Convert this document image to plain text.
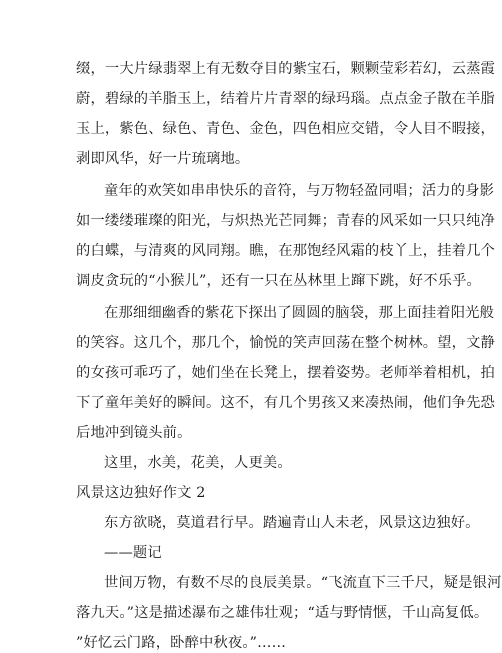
缀，一大片绿翡翠上有无数夺目的紫宝石，颗颗莹彩若幻，云蒸霞
蔚，碧绿的羊脂玉上，结着片片青翠的绿玛瑙。点点金子散在羊脂
玉上，紫色、绿色、青色、金色，四色相应交错，令人目不暇接，
剥即风华，好一片琉璃地。
童年的欢笑如串串快乐的音符，与万物轻盈同唱；活力的身影
如一缕缕璀璨的阳光，与炽热光芒同舞；青春的风采如一只只纯净
的白蝶，与清爽的风同翔。瞧，在那饱经风霜的枝丫上，挂着几个
调皮贪玩的“小猴儿”，还有一只在丛林里上蹿下跳，好不乐乎。
在那细细幽香的紫花下探出了圆圆的脑袋，那上面挂着阳光般
的笑容。这几个，那几个，愉悦的笑声回荡在整个树林。望，文静
的女孩可乖巧了，她们坐在长凳上，摆着姿势。老师举着相机，拍
下了童年美好的瞬间。这不，有几个男孩又来凑热闹，他们争先恐
后地冲到镜头前。
这里，水美，花美，人更美。
风景这边独好作文 2
东方欲晓，莫道君行早。踏遍青山人未老，风景这边独好。
——题记
世间万物，有数不尽的良辰美景。“飞流直下三千尺，疑是银河
落九天。”这是描述瀑布之雄伟壮观；“适与野情惬，千山高复低。
”好忆云门路，卧醉中秋夜。”……
